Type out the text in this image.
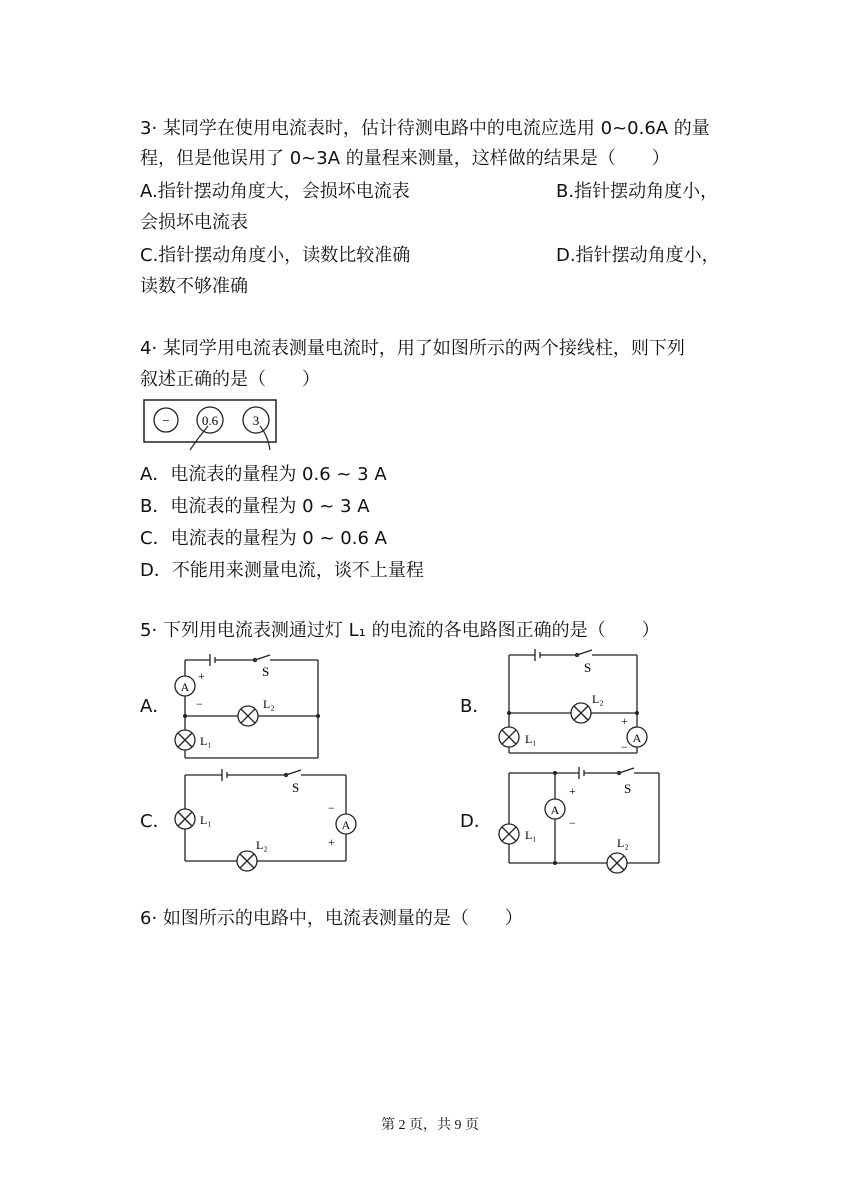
3· 某同学在使用电流表时，估计待测电路中的电流应选用 0~0.6A 的量
程，但是他误用了 0~3A 的量程来测量，这样做的结果是（　　）
A.指针摆动角度大，会损坏电流表	B.指针摆动角度小，
会损坏电流表
C.指针摆动角度小，读数比较准确	D.指针摆动角度小，
读数不够准确
4· 某同学用电流表测量电流时，用了如图所示的两个接线柱，则下列
叙述正确的是（　　）
− 0.6	3
A．电流表的量程为 0.6 ~ 3 A
B．电流表的量程为 0 ~ 3 A
C．电流表的量程为 0 ~ 0.6 A
D．不能用来测量电流，谈不上量程
5· 下列用电流表测通过灯 L₁ 的电流的各电路图正确的是（　　）
A．
A
S
+
−	L₂
L₁
B．
A
S
L₂
L₁
+
−
C．	A
S
−
+
L₂
L₁	D．
A
S
+
−
L₁
L₂
6· 如图所示的电路中，电流表测量的是（　　）
第 2 页，共 9 页
